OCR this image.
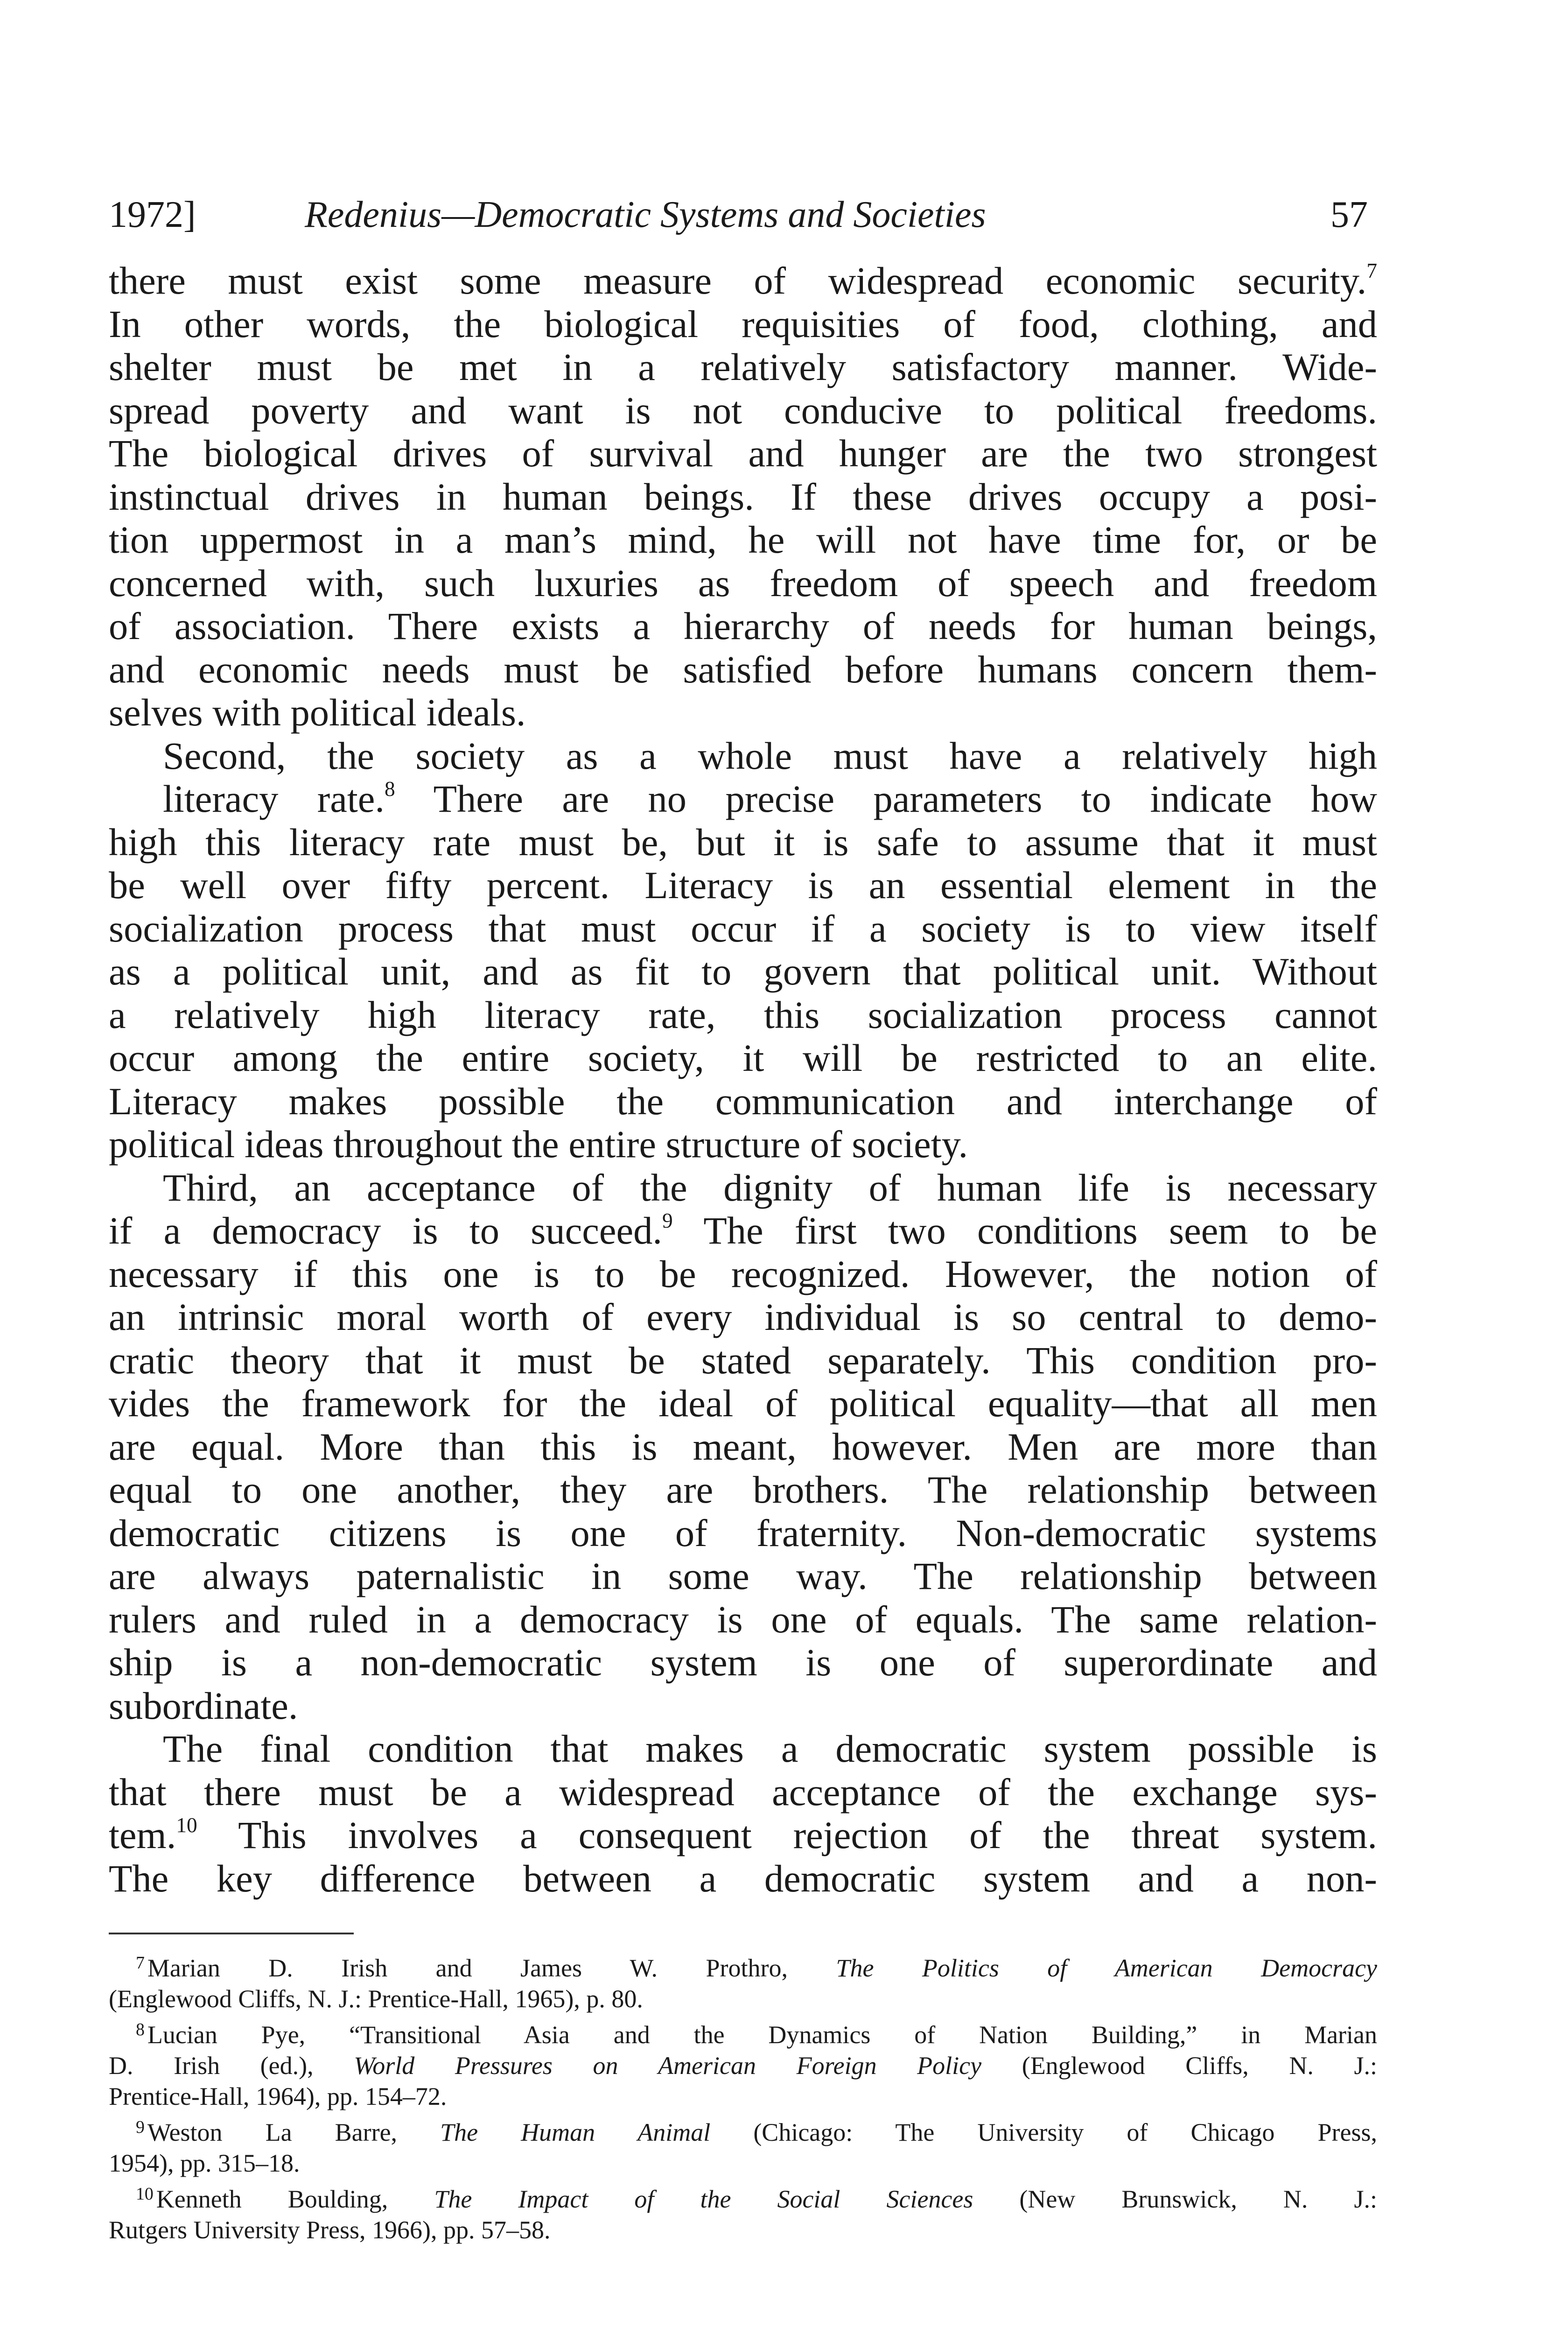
1972]	Redenius—Democratic Systems and Societies	57

there must exist some measure of widespread economic security.$^7$
In other words, the biological requisities of food, clothing, and
shelter must be met in a relatively satisfactory manner. Wide-
spread poverty and want is not conducive to political freedoms.
The biological drives of survival and hunger are the two strongest
instinctual drives in human beings. If these drives occupy a posi-
tion uppermost in a man’s mind, he will not have time for, or be
concerned with, such luxuries as freedom of speech and freedom
of association. There exists a hierarchy of needs for human beings,
and economic needs must be satisfied before humans concern them-
selves with political ideals.

Second, the society as a whole must have a relatively high
literacy rate.$^8$ There are no precise parameters to indicate how
high this literacy rate must be, but it is safe to assume that it must
be well over fifty percent. Literacy is an essential element in the
socialization process that must occur if a society is to view itself
as a political unit, and as fit to govern that political unit. Without
a relatively high literacy rate, this socialization process cannot
occur among the entire society, it will be restricted to an elite.
Literacy makes possible the communication and interchange of
political ideas throughout the entire structure of society.

Third, an acceptance of the dignity of human life is necessary
if a democracy is to succeed.$^9$ The first two conditions seem to be
necessary if this one is to be recognized. However, the notion of
an intrinsic moral worth of every individual is so central to demo-
cratic theory that it must be stated separately. This condition pro-
vides the framework for the ideal of political equality—that all men
are equal. More than this is meant, however. Men are more than
equal to one another, they are brothers. The relationship between
democratic citizens is one of fraternity. Non-democratic systems
are always paternalistic in some way. The relationship between
rulers and ruled in a democracy is one of equals. The same relation-
ship is a non-democratic system is one of superordinate and
subordinate.

The final condition that makes a democratic system possible is
that there must be a widespread acceptance of the exchange sys-
tem.$^{10}$ This involves a consequent rejection of the threat system.
The key difference between a democratic system and a non-

$^7$ Marian D. Irish and James W. Prothro, The Politics of American Democracy
(Englewood Cliffs, N. J.: Prentice-Hall, 1965), p. 80.
$^8$ Lucian Pye, “Transitional Asia and the Dynamics of Nation Building,” in Marian
D. Irish (ed.), World Pressures on American Foreign Policy (Englewood Cliffs, N. J.:
Prentice-Hall, 1964), pp. 154–72.
$^9$ Weston La Barre, The Human Animal (Chicago: The University of Chicago Press,
1954), pp. 315–18.
$^{10}$ Kenneth Boulding, The Impact of the Social Sciences (New Brunswick, N. J.:
Rutgers University Press, 1966), pp. 57–58.
